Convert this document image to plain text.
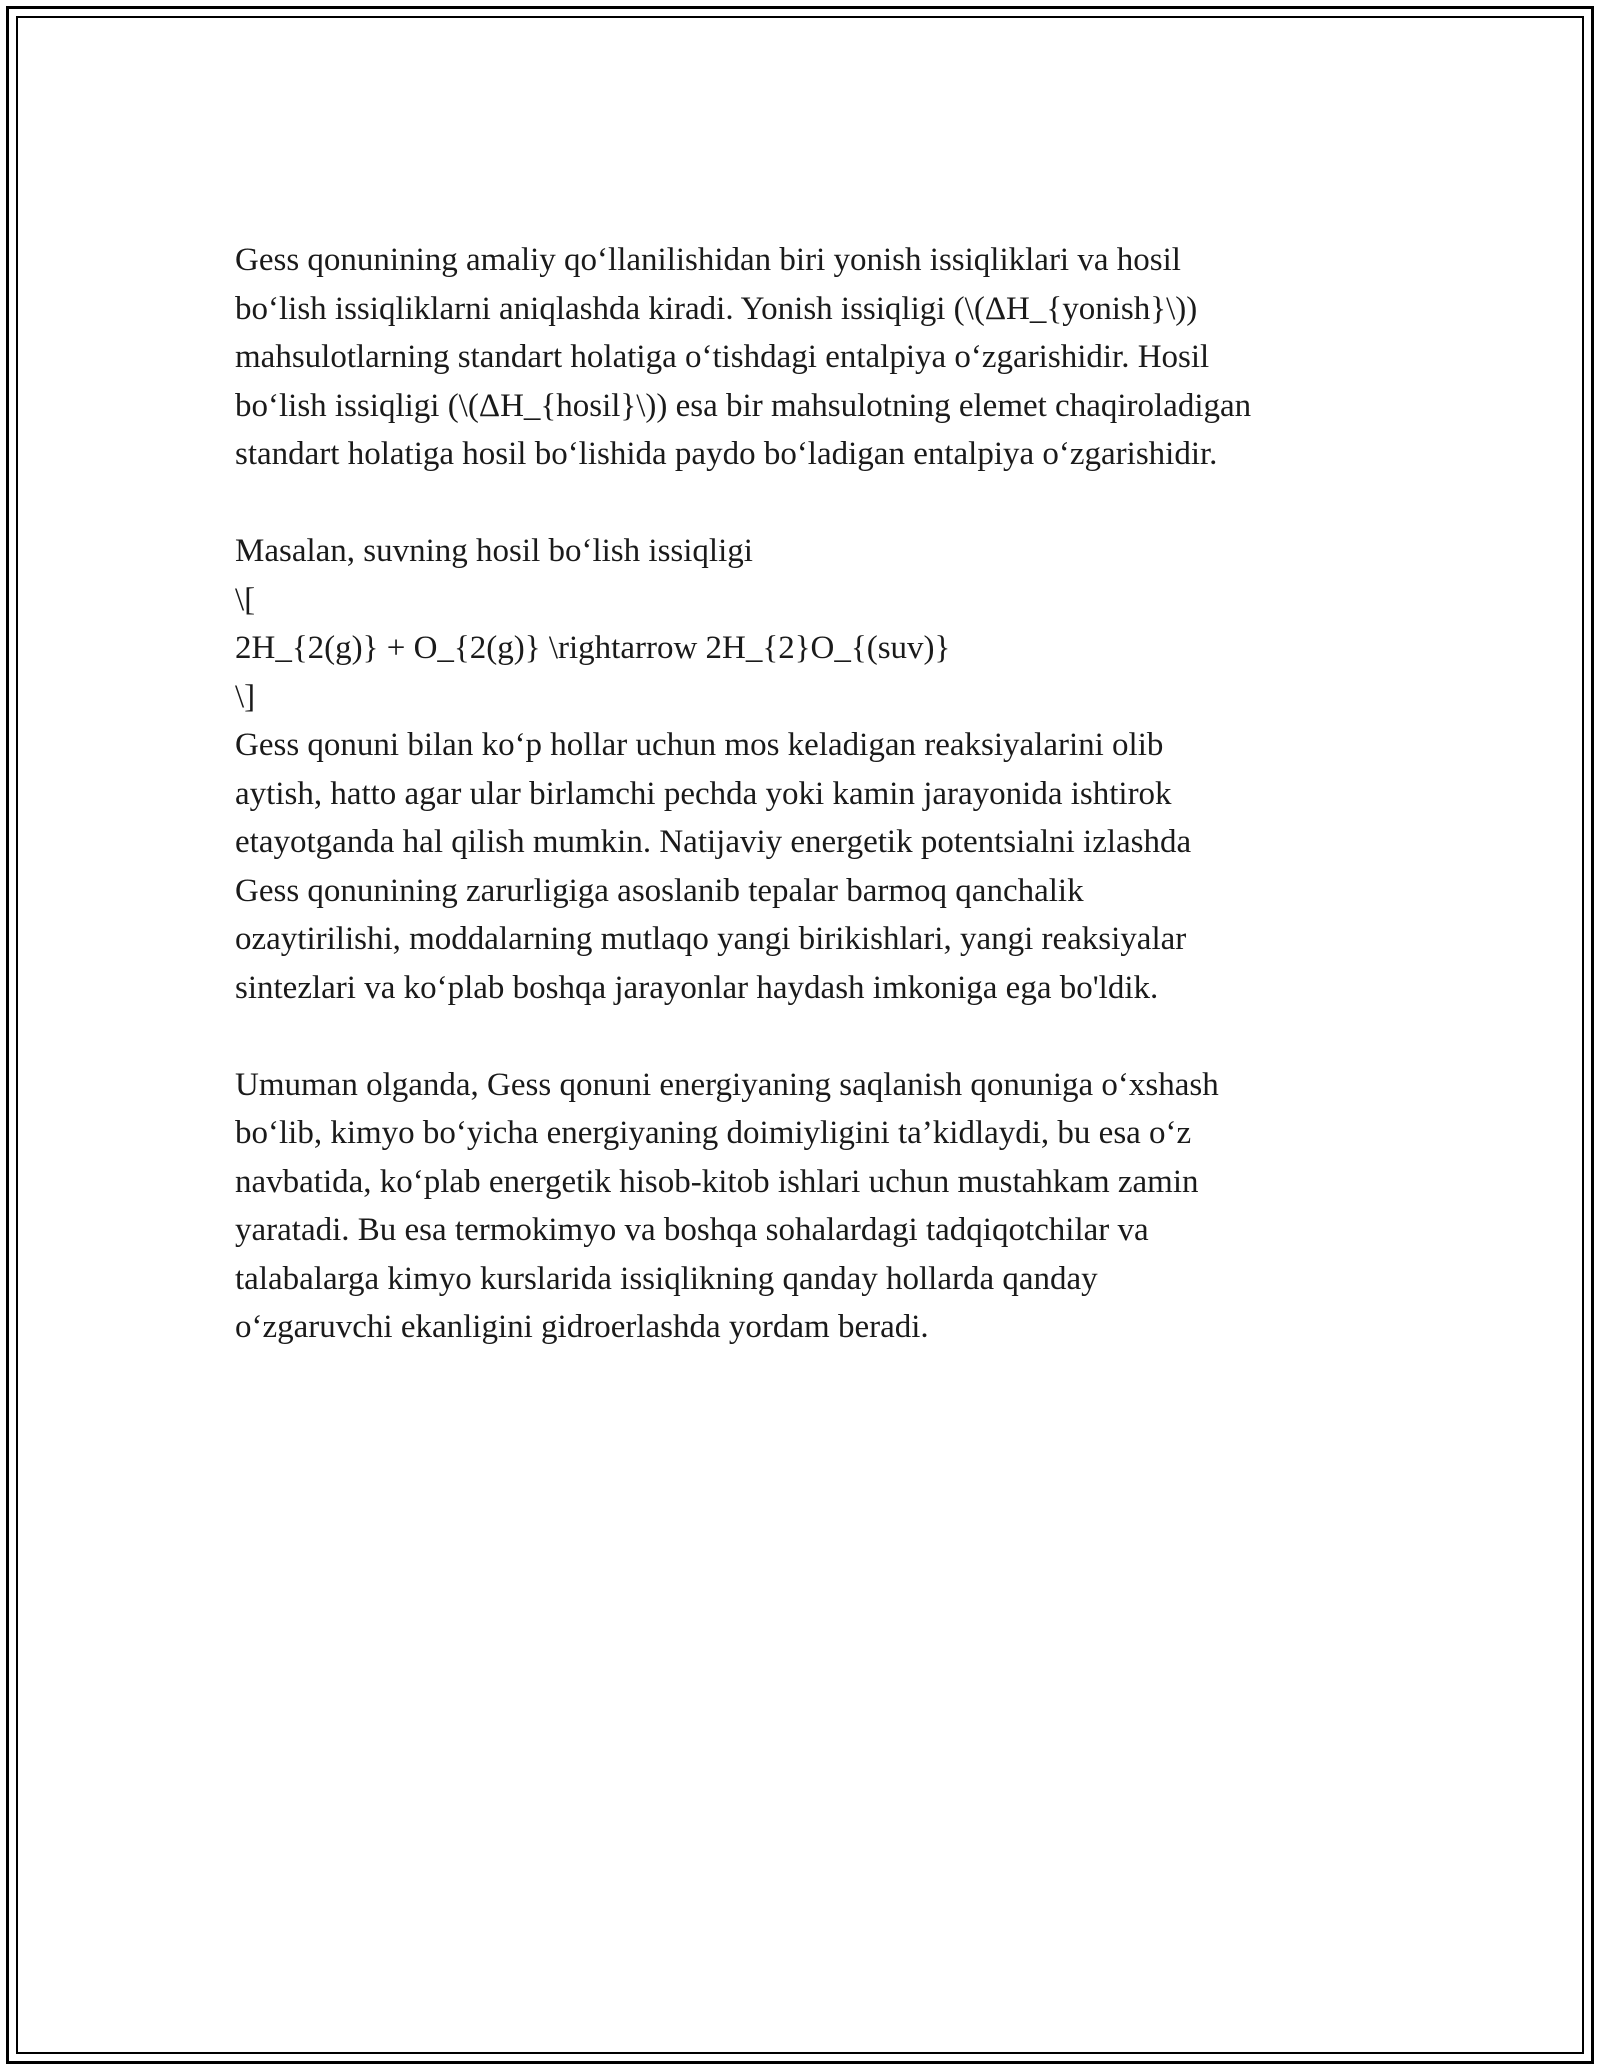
Gess qonunining amaliy qo‘llanilishidan biri yonish issiqliklari va hosil
bo‘lish issiqliklarni aniqlashda kiradi. Yonish issiqligi (\(ΔH_{yonish}\))
mahsulotlarning standart holatiga o‘tishdagi entalpiya o‘zgarishidir. Hosil
bo‘lish issiqligi (\(ΔH_{hosil}\)) esa bir mahsulotning elemet chaqiroladigan
standart holatiga hosil bo‘lishida paydo bo‘ladigan entalpiya o‘zgarishidir.

Masalan, suvning hosil bo‘lish issiqligi
\[
2H_{2(g)} + O_{2(g)} \rightarrow 2H_{2}O_{(suv)}
\]
Gess qonuni bilan ko‘p hollar uchun mos keladigan reaksiyalarini olib
aytish, hatto agar ular birlamchi pechda yoki kamin jarayonida ishtirok
etayotganda hal qilish mumkin. Natijaviy energetik potentsialni izlashda
Gess qonunining zarurligiga asoslanib tepalar barmoq qanchalik
ozaytirilishi, moddalarning mutlaqo yangi birikishlari, yangi reaksiyalar
sintezlari va ko‘plab boshqa jarayonlar haydash imkoniga ega bo'ldik.

Umuman olganda, Gess qonuni energiyaning saqlanish qonuniga o‘xshash
bo‘lib, kimyo bo‘yicha energiyaning doimiyligini ta’kidlaydi, bu esa o‘z
navbatida, ko‘plab energetik hisob-kitob ishlari uchun mustahkam zamin
yaratadi. Bu esa termokimyo va boshqa sohalardagi tadqiqotchilar va
talabalarga kimyo kurslarida issiqlikning qanday hollarda qanday
o‘zgaruvchi ekanligini gidroerlashda yordam beradi.
